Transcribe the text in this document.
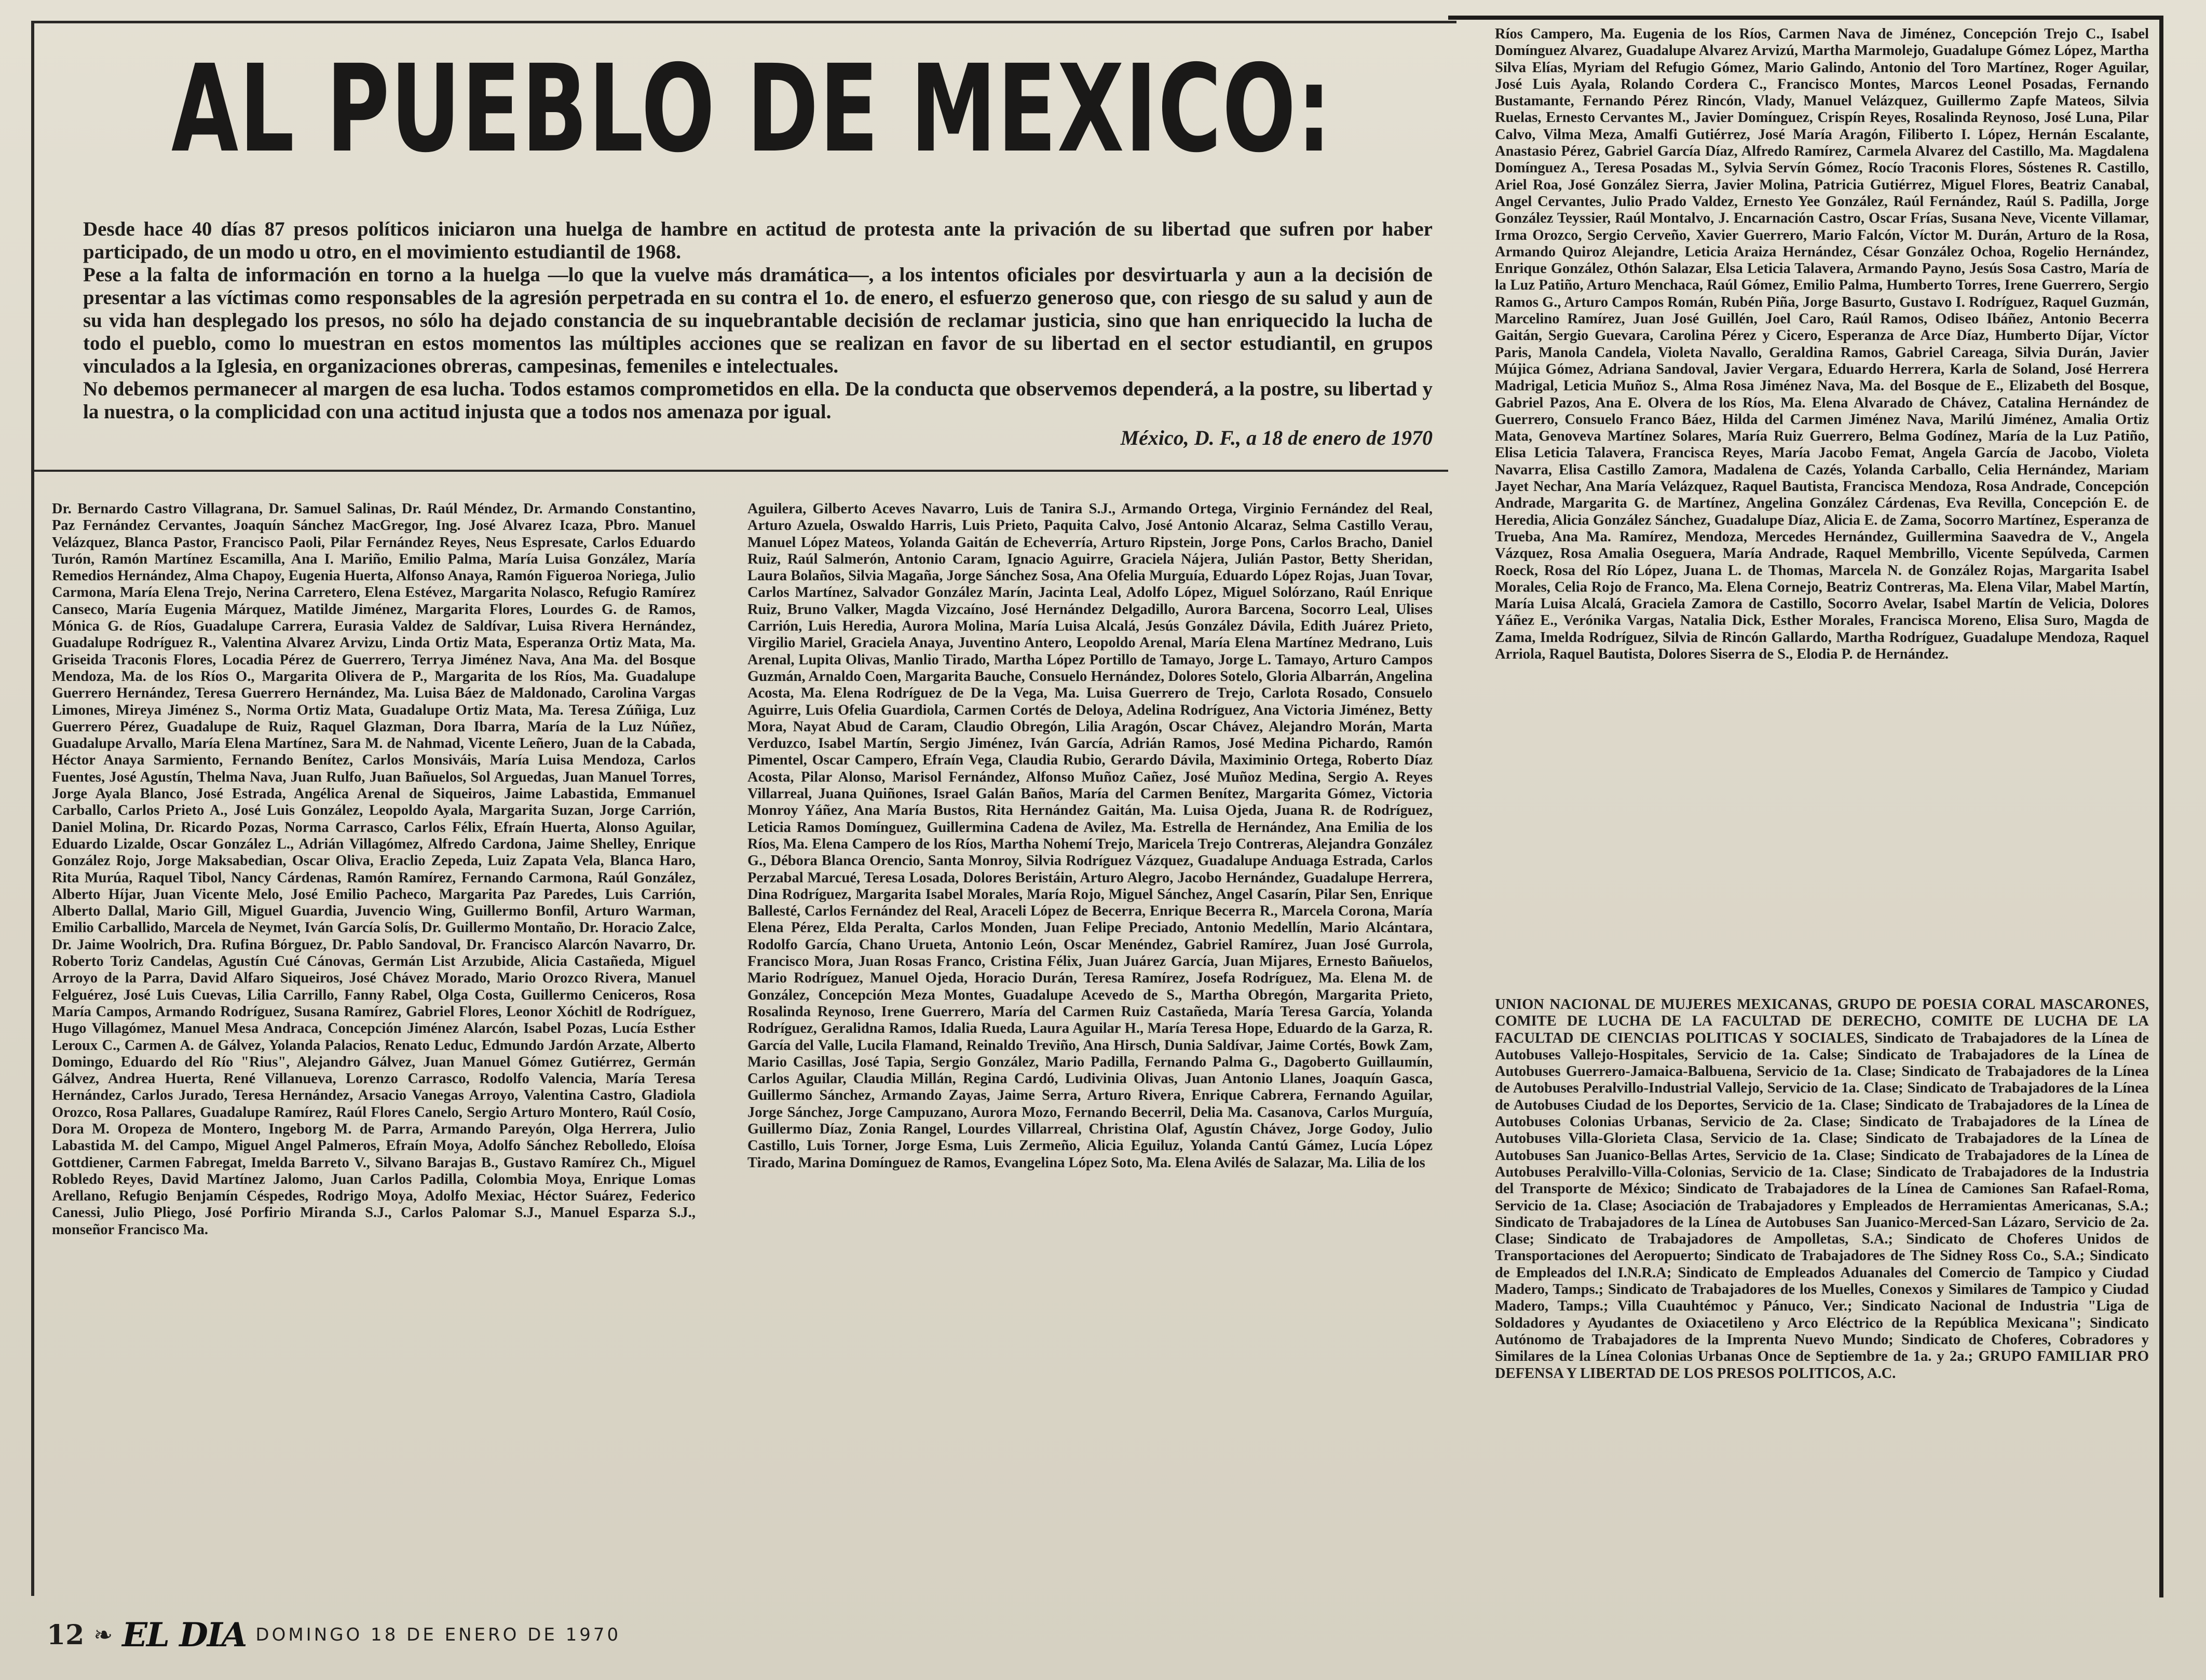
AL PUEBLO DE MEXICO:

Desde hace 40 días 87 presos políticos iniciaron una huelga de hambre en actitud de protesta ante la privación de su libertad que sufren por haber participado, de un modo u otro, en el movimiento estudiantil de 1968.

Pese a la falta de información en torno a la huelga —lo que la vuelve más dramática—, a los intentos oficiales por desvirtuarla y aun a la decisión de presentar a las víctimas como responsables de la agresión perpetrada en su contra el 1o. de enero, el esfuerzo generoso que, con riesgo de su salud y aun de su vida han desplegado los presos, no sólo ha dejado constancia de su inquebrantable decisión de reclamar justicia, sino que han enriquecido la lucha de todo el pueblo, como lo muestran en estos momentos las múltiples acciones que se realizan en favor de su libertad en el sector estudiantil, en grupos vinculados a la Iglesia, en organizaciones obreras, campesinas, femeniles e intelectuales.

No debemos permanecer al margen de esa lucha. Todos estamos comprometidos en ella. De la conducta que observemos dependerá, a la postre, su libertad y la nuestra, o la complicidad con una actitud injusta que a todos nos amenaza por igual.

México, D. F., a 18 de enero de 1970
Dr. Bernardo Castro Villagrana, Dr. Samuel Salinas, Dr. Raúl Méndez, Dr. Armando Constantino, Paz Fernández Cervantes, Joaquín Sánchez MacGregor, Ing. José Alvarez Icaza, Pbro. Manuel Velázquez, Blanca Pastor, Francisco Paoli, Pilar Fernández Reyes, Neus Espresate, Carlos Eduardo Turón, Ramón Martínez Escamilla, Ana I. Mariño, Emilio Palma, María Luisa González, María Remedios Hernández, Alma Chapoy, Eugenia Huerta, Alfonso Anaya, Ramón Figueroa Noriega, Julio Carmona, María Elena Trejo, Nerina Carretero, Elena Estévez, Margarita Nolasco, Refugio Ramírez Canseco, María Eugenia Márquez, Matilde Jiménez, Margarita Flores, Lourdes G. de Ramos, Mónica G. de Ríos, Guadalupe Carrera, Eurasia Valdez de Saldívar, Luisa Rivera Hernández, Guadalupe Rodríguez R., Valentina Alvarez Arvizu, Linda Ortiz Mata, Esperanza Ortiz Mata, Ma. Griseida Traconis Flores, Locadia Pérez de Guerrero, Terrya Jiménez Nava, Ana Ma. del Bosque Mendoza, Ma. de los Ríos O., Margarita Olivera de P., Margarita de los Ríos, Ma. Guadalupe Guerrero Hernández, Teresa Guerrero Hernández, Ma. Luisa Báez de Maldonado, Carolina Vargas Limones, Mireya Jiménez S., Norma Ortiz Mata, Guadalupe Ortiz Mata, Ma. Teresa Zúñiga, Luz Guerrero Pérez, Guadalupe de Ruiz, Raquel Glazman, Dora Ibarra, María de la Luz Núñez, Guadalupe Arvallo, María Elena Martínez, Sara M. de Nahmad, Vicente Leñero, Juan de la Cabada, Héctor Anaya Sarmiento, Fernando Benítez, Carlos Monsiváis, María Luisa Mendoza, Carlos Fuentes, José Agustín, Thelma Nava, Juan Rulfo, Juan Bañuelos, Sol Arguedas, Juan Manuel Torres, Jorge Ayala Blanco, José Estrada, Angélica Arenal de Siqueiros, Jaime Labastida, Emmanuel Carballo, Carlos Prieto A., José Luis González, Leopoldo Ayala, Margarita Suzan, Jorge Carrión, Daniel Molina, Dr. Ricardo Pozas, Norma Carrasco, Carlos Félix, Efraín Huerta, Alonso Aguilar, Eduardo Lizalde, Oscar González L., Adrián Villagómez, Alfredo Cardona, Jaime Shelley, Enrique González Rojo, Jorge Maksabedian, Oscar Oliva, Eraclio Zepeda, Luiz Zapata Vela, Blanca Haro, Rita Murúa, Raquel Tibol, Nancy Cárdenas, Ramón Ramírez, Fernando Carmona, Raúl González, Alberto Híjar, Juan Vicente Melo, José Emilio Pacheco, Margarita Paz Paredes, Luis Carrión, Alberto Dallal, Mario Gill, Miguel Guardia, Juvencio Wing, Guillermo Bonfil, Arturo Warman, Emilio Carballido, Marcela de Neymet, Iván García Solís, Dr. Guillermo Montaño, Dr. Horacio Zalce, Dr. Jaime Woolrich, Dra. Rufina Bórguez, Dr. Pablo Sandoval, Dr. Francisco Alarcón Navarro, Dr. Roberto Toriz Candelas, Agustín Cué Cánovas, Germán List Arzubide, Alicia Castañeda, Miguel Arroyo de la Parra, David Alfaro Siqueiros, José Chávez Morado, Mario Orozco Rivera, Manuel Felguérez, José Luis Cuevas, Lilia Carrillo, Fanny Rabel, Olga Costa, Guillermo Ceniceros, Rosa María Campos, Armando Rodríguez, Susana Ramírez, Gabriel Flores, Leonor Xóchitl de Rodríguez, Hugo Villagómez, Manuel Mesa Andraca, Concepción Jiménez Alarcón, Isabel Pozas, Lucía Esther Leroux C., Carmen A. de Gálvez, Yolanda Palacios, Renato Leduc, Edmundo Jardón Arzate, Alberto Domingo, Eduardo del Río "Rius", Alejandro Gálvez, Juan Manuel Gómez Gutiérrez, Germán Gálvez, Andrea Huerta, René Villanueva, Lorenzo Carrasco, Rodolfo Valencia, María Teresa Hernández, Carlos Jurado, Teresa Hernández, Arsacio Vanegas Arroyo, Valentina Castro, Gladiola Orozco, Rosa Pallares, Guadalupe Ramírez, Raúl Flores Canelo, Sergio Arturo Montero, Raúl Cosío, Dora M. Oropeza de Montero, Ingeborg M. de Parra, Armando Pareyón, Olga Herrera, Julio Labastida M. del Campo, Miguel Angel Palmeros, Efraín Moya, Adolfo Sánchez Rebolledo, Eloísa Gottdiener, Carmen Fabregat, Imelda Barreto V., Silvano Barajas B., Gustavo Ramírez Ch., Miguel Robledo Reyes, David Martínez Jalomo, Juan Carlos Padilla, Colombia Moya, Enrique Lomas Arellano, Refugio Benjamín Céspedes, Rodrigo Moya, Adolfo Mexiac, Héctor Suárez, Federico Canessi, Julio Pliego, José Porfirio Miranda S.J., Carlos Palomar S.J., Manuel Esparza S.J., monseñor Francisco Ma.
Aguilera, Gilberto Aceves Navarro, Luis de Tanira S.J., Armando Ortega, Virginio Fernández del Real, Arturo Azuela, Oswaldo Harris, Luis Prieto, Paquita Calvo, José Antonio Alcaraz, Selma Castillo Verau, Manuel López Mateos, Yolanda Gaitán de Echeverría, Arturo Ripstein, Jorge Pons, Carlos Bracho, Daniel Ruiz, Raúl Salmerón, Antonio Caram, Ignacio Aguirre, Graciela Nájera, Julián Pastor, Betty Sheridan, Laura Bolaños, Silvia Magaña, Jorge Sánchez Sosa, Ana Ofelia Murguía, Eduardo López Rojas, Juan Tovar, Carlos Martínez, Salvador González Marín, Jacinta Leal, Adolfo López, Miguel Solórzano, Raúl Enrique Ruiz, Bruno Valker, Magda Vizcaíno, José Hernández Delgadillo, Aurora Barcena, Socorro Leal, Ulises Carrión, Luis Heredia, Aurora Molina, María Luisa Alcalá, Jesús González Dávila, Edith Juárez Prieto, Virgilio Mariel, Graciela Anaya, Juventino Antero, Leopoldo Arenal, María Elena Martínez Medrano, Luis Arenal, Lupita Olivas, Manlio Tirado, Martha López Portillo de Tamayo, Jorge L. Tamayo, Arturo Campos Guzmán, Arnaldo Coen, Margarita Bauche, Consuelo Hernández, Dolores Sotelo, Gloria Albarrán, Angelina Acosta, Ma. Elena Rodríguez de De la Vega, Ma. Luisa Guerrero de Trejo, Carlota Rosado, Consuelo Aguirre, Luis Ofelia Guardiola, Carmen Cortés de Deloya, Adelina Rodríguez, Ana Victoria Jiménez, Betty Mora, Nayat Abud de Caram, Claudio Obregón, Lilia Aragón, Oscar Chávez, Alejandro Morán, Marta Verduzco, Isabel Martín, Sergio Jiménez, Iván García, Adrián Ramos, José Medina Pichardo, Ramón Pimentel, Oscar Campero, Efraín Vega, Claudia Rubio, Gerardo Dávila, Maximinio Ortega, Roberto Díaz Acosta, Pilar Alonso, Marisol Fernández, Alfonso Muñoz Cañez, José Muñoz Medina, Sergio A. Reyes Villarreal, Juana Quiñones, Israel Galán Baños, María del Carmen Benítez, Margarita Gómez, Victoria Monroy Yáñez, Ana María Bustos, Rita Hernández Gaitán, Ma. Luisa Ojeda, Juana R. de Rodríguez, Leticia Ramos Domínguez, Guillermina Cadena de Avilez, Ma. Estrella de Hernández, Ana Emilia de los Ríos, Ma. Elena Campero de los Ríos, Martha Nohemí Trejo, Maricela Trejo Contreras, Alejandra González G., Débora Blanca Orencio, Santa Monroy, Silvia Rodríguez Vázquez, Guadalupe Anduaga Estrada, Carlos Perzabal Marcué, Teresa Losada, Dolores Beristáin, Arturo Alegro, Jacobo Hernández, Guadalupe Herrera, Dina Rodríguez, Margarita Isabel Morales, María Rojo, Miguel Sánchez, Angel Casarín, Pilar Sen, Enrique Ballesté, Carlos Fernández del Real, Araceli López de Becerra, Enrique Becerra R., Marcela Corona, María Elena Pérez, Elda Peralta, Carlos Monden, Juan Felipe Preciado, Antonio Medellín, Mario Alcántara, Rodolfo García, Chano Urueta, Antonio León, Oscar Menéndez, Gabriel Ramírez, Juan José Gurrola, Francisco Mora, Juan Rosas Franco, Cristina Félix, Juan Juárez García, Juan Mijares, Ernesto Bañuelos, Mario Rodríguez, Manuel Ojeda, Horacio Durán, Teresa Ramírez, Josefa Rodríguez, Ma. Elena M. de González, Concepción Meza Montes, Guadalupe Acevedo de S., Martha Obregón, Margarita Prieto, Rosalinda Reynoso, Irene Guerrero, María del Carmen Ruiz Castañeda, María Teresa García, Yolanda Rodríguez, Geralidna Ramos, Idalia Rueda, Laura Aguilar H., María Teresa Hope, Eduardo de la Garza, R. García del Valle, Lucila Flamand, Reinaldo Treviño, Ana Hirsch, Dunia Saldívar, Jaime Cortés, Bowk Zam, Mario Casillas, José Tapia, Sergio González, Mario Padilla, Fernando Palma G., Dagoberto Guillaumín, Carlos Aguilar, Claudia Millán, Regina Cardó, Ludivinia Olivas, Juan Antonio Llanes, Joaquín Gasca, Guillermo Sánchez, Armando Zayas, Jaime Serra, Arturo Rivera, Enrique Cabrera, Fernando Aguilar, Jorge Sánchez, Jorge Campuzano, Aurora Mozo, Fernando Becerril, Delia Ma. Casanova, Carlos Murguía, Guillermo Díaz, Zonia Rangel, Lourdes Villarreal, Christina Olaf, Agustín Chávez, Jorge Godoy, Julio Castillo, Luis Torner, Jorge Esma, Luis Zermeño, Alicia Eguiluz, Yolanda Cantú Gámez, Lucía López Tirado, Marina Domínguez de Ramos, Evangelina López Soto, Ma. Elena Avilés de Salazar, Ma. Lilia de los
Ríos Campero, Ma. Eugenia de los Ríos, Carmen Nava de Jiménez, Concepción Trejo C., Isabel Domínguez Alvarez, Guadalupe Alvarez Arvizú, Martha Marmolejo, Guadalupe Gómez López, Martha Silva Elías, Myriam del Refugio Gómez, Mario Galindo, Antonio del Toro Martínez, Roger Aguilar, José Luis Ayala, Rolando Cordera C., Francisco Montes, Marcos Leonel Posadas, Fernando Bustamante, Fernando Pérez Rincón, Vlady, Manuel Velázquez, Guillermo Zapfe Mateos, Silvia Ruelas, Ernesto Cervantes M., Javier Domínguez, Crispín Reyes, Rosalinda Reynoso, José Luna, Pilar Calvo, Vilma Meza, Amalfi Gutiérrez, José María Aragón, Filiberto I. López, Hernán Escalante, Anastasio Pérez, Gabriel García Díaz, Alfredo Ramírez, Carmela Alvarez del Castillo, Ma. Magdalena Domínguez A., Teresa Posadas M., Sylvia Servín Gómez, Rocío Traconis Flores, Sóstenes R. Castillo, Ariel Roa, José González Sierra, Javier Molina, Patricia Gutiérrez, Miguel Flores, Beatriz Canabal, Angel Cervantes, Julio Prado Valdez, Ernesto Yee González, Raúl Fernández, Raúl S. Padilla, Jorge González Teyssier, Raúl Montalvo, J. Encarnación Castro, Oscar Frías, Susana Neve, Vicente Villamar, Irma Orozco, Sergio Cerveño, Xavier Guerrero, Mario Falcón, Víctor M. Durán, Arturo de la Rosa, Armando Quiroz Alejandre, Leticia Araiza Hernández, César González Ochoa, Rogelio Hernández, Enrique González, Othón Salazar, Elsa Leticia Talavera, Armando Payno, Jesús Sosa Castro, María de la Luz Patiño, Arturo Menchaca, Raúl Gómez, Emilio Palma, Humberto Torres, Irene Guerrero, Sergio Ramos G., Arturo Campos Román, Rubén Piña, Jorge Basurto, Gustavo I. Rodríguez, Raquel Guzmán, Marcelino Ramírez, Juan José Guillén, Joel Caro, Raúl Ramos, Odiseo Ibáñez, Antonio Becerra Gaitán, Sergio Guevara, Carolina Pérez y Cicero, Esperanza de Arce Díaz, Humberto Díjar, Víctor Paris, Manola Candela, Violeta Navallo, Geraldina Ramos, Gabriel Careaga, Silvia Durán, Javier Mújica Gómez, Adriana Sandoval, Javier Vergara, Eduardo Herrera, Karla de Soland, José Herrera Madrigal, Leticia Muñoz S., Alma Rosa Jiménez Nava, Ma. del Bosque de E., Elizabeth del Bosque, Gabriel Pazos, Ana E. Olvera de los Ríos, Ma. Elena Alvarado de Chávez, Catalina Hernández de Guerrero, Consuelo Franco Báez, Hilda del Carmen Jiménez Nava, Marilú Jiménez, Amalia Ortiz Mata, Genoveva Martínez Solares, María Ruiz Guerrero, Belma Godínez, María de la Luz Patiño, Elisa Leticia Talavera, Francisca Reyes, María Jacobo Femat, Angela García de Jacobo, Violeta Navarra, Elisa Castillo Zamora, Madalena de Cazés, Yolanda Carballo, Celia Hernández, Mariam Jayet Nechar, Ana María Velázquez, Raquel Bautista, Francisca Mendoza, Rosa Andrade, Concepción Andrade, Margarita G. de Martínez, Angelina González Cárdenas, Eva Revilla, Concepción E. de Heredia, Alicia González Sánchez, Guadalupe Díaz, Alicia E. de Zama, Socorro Martínez, Esperanza de Trueba, Ana Ma. Ramírez, Mendoza, Mercedes Hernández, Guillermina Saavedra de V., Angela Vázquez, Rosa Amalia Oseguera, María Andrade, Raquel Membrillo, Vicente Sepúlveda, Carmen Roeck, Rosa del Río López, Juana L. de Thomas, Marcela N. de González Rojas, Margarita Isabel Morales, Celia Rojo de Franco, Ma. Elena Cornejo, Beatriz Contreras, Ma. Elena Vilar, Mabel Martín, María Luisa Alcalá, Graciela Zamora de Castillo, Socorro Avelar, Isabel Martín de Velicia, Dolores Yáñez E., Verónika Vargas, Natalia Dick, Esther Morales, Francisca Moreno, Elisa Suro, Magda de Zama, Imelda Rodríguez, Silvia de Rincón Gallardo, Martha Rodríguez, Guadalupe Mendoza, Raquel Arriola, Raquel Bautista, Dolores Siserra de S., Elodia P. de Hernández.
UNION NACIONAL DE MUJERES MEXICANAS, GRUPO DE POESIA CORAL MASCARONES, COMITE DE LUCHA DE LA FACULTAD DE DERECHO, COMITE DE LUCHA DE LA FACULTAD DE CIENCIAS POLITICAS Y SOCIALES, Sindicato de Trabajadores de la Línea de Autobuses Vallejo-Hospitales, Servicio de 1a. Calse; Sindicato de Trabajadores de la Línea de Autobuses Guerrero-Jamaica-Balbuena, Servicio de 1a. Clase; Sindicato de Trabajadores de la Línea de Autobuses Peralvillo-Industrial Vallejo, Servicio de 1a. Clase; Sindicato de Trabajadores de la Línea de Autobuses Ciudad de los Deportes, Servicio de 1a. Clase; Sindicato de Trabajadores de la Línea de Autobuses Colonias Urbanas, Servicio de 2a. Clase; Sindicato de Trabajadores de la Línea de Autobuses Villa-Glorieta Clasa, Servicio de 1a. Clase; Sindicato de Trabajadores de la Línea de Autobuses San Juanico-Bellas Artes, Servicio de 1a. Clase; Sindicato de Trabajadores de la Línea de Autobuses Peralvillo-Villa-Colonias, Servicio de 1a. Clase; Sindicato de Trabajadores de la Industria del Transporte de México; Sindicato de Trabajadores de la Línea de Camiones San Rafael-Roma, Servicio de 1a. Clase; Asociación de Trabajadores y Empleados de Herramientas Americanas, S.A.; Sindicato de Trabajadores de la Línea de Autobuses San Juanico-Merced-San Lázaro, Servicio de 2a. Clase; Sindicato de Trabajadores de Ampolletas, S.A.; Sindicato de Choferes Unidos de Transportaciones del Aeropuerto; Sindicato de Trabajadores de The Sidney Ross Co., S.A.; Sindicato de Empleados del I.N.R.A; Sindicato de Empleados Aduanales del Comercio de Tampico y Ciudad Madero, Tamps.; Sindicato de Trabajadores de los Muelles, Conexos y Similares de Tampico y Ciudad Madero, Tamps.; Villa Cuauhtémoc y Pánuco, Ver.; Sindicato Nacional de Industria "Liga de Soldadores y Ayudantes de Oxiacetileno y Arco Eléctrico de la República Mexicana"; Sindicato Autónomo de Trabajadores de la Imprenta Nuevo Mundo; Sindicato de Choferes, Cobradores y Similares de la Línea Colonias Urbanas Once de Septiembre de 1a. y 2a.; GRUPO FAMILIAR PRO DEFENSA Y LIBERTAD DE LOS PRESOS POLITICOS, A.C.
12 ❧ EL DIA DOMINGO 18 DE ENERO DE 1970
